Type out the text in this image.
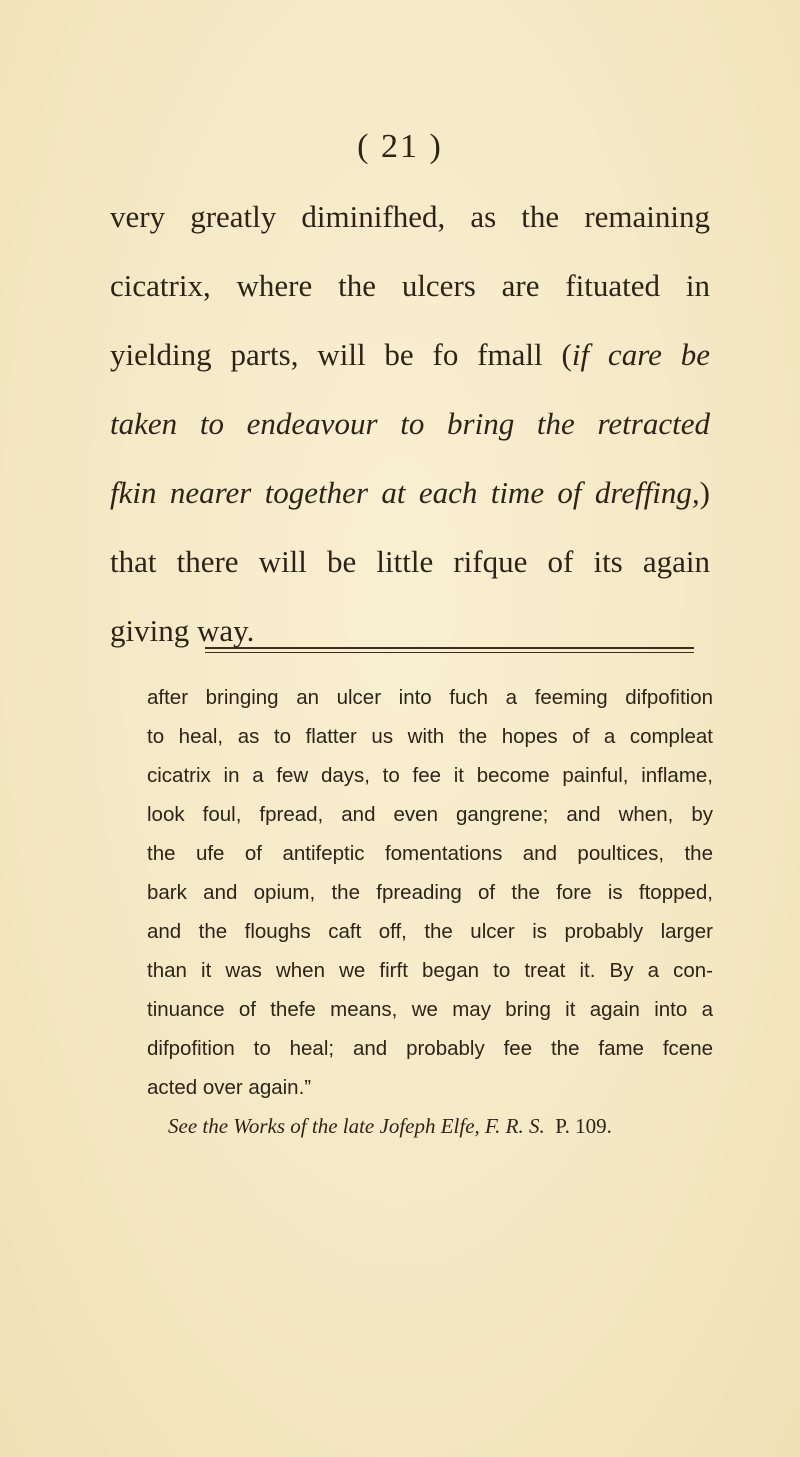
( 21 )
very greatly diminifhed, as the remaining
cicatrix, where the ulcers are fituated in
yielding parts, will be fo fmall (if care be
taken to endeavour to bring the retracted
fkin nearer together at each time of dreffing,)
that there will be little rifque of its again
giving way.
after bringing an ulcer into fuch a feeming difpofition
to heal, as to flatter us with the hopes of a compleat
cicatrix in a few days, to fee it become painful, inflame,
look foul, fpread, and even gangrene; and when, by
the ufe of antifeptic fomentations and poultices, the
bark and opium, the fpreading of the fore is ftopped,
and the floughs caft off, the ulcer is probably larger
than it was when we firft began to treat it. By a con-
tinuance of thefe means, we may bring it again into a
difpofition to heal; and probably fee the fame fcene
acted over again.”
See the Works of the late Jofeph Elfe, F. R. S. P. 109.
